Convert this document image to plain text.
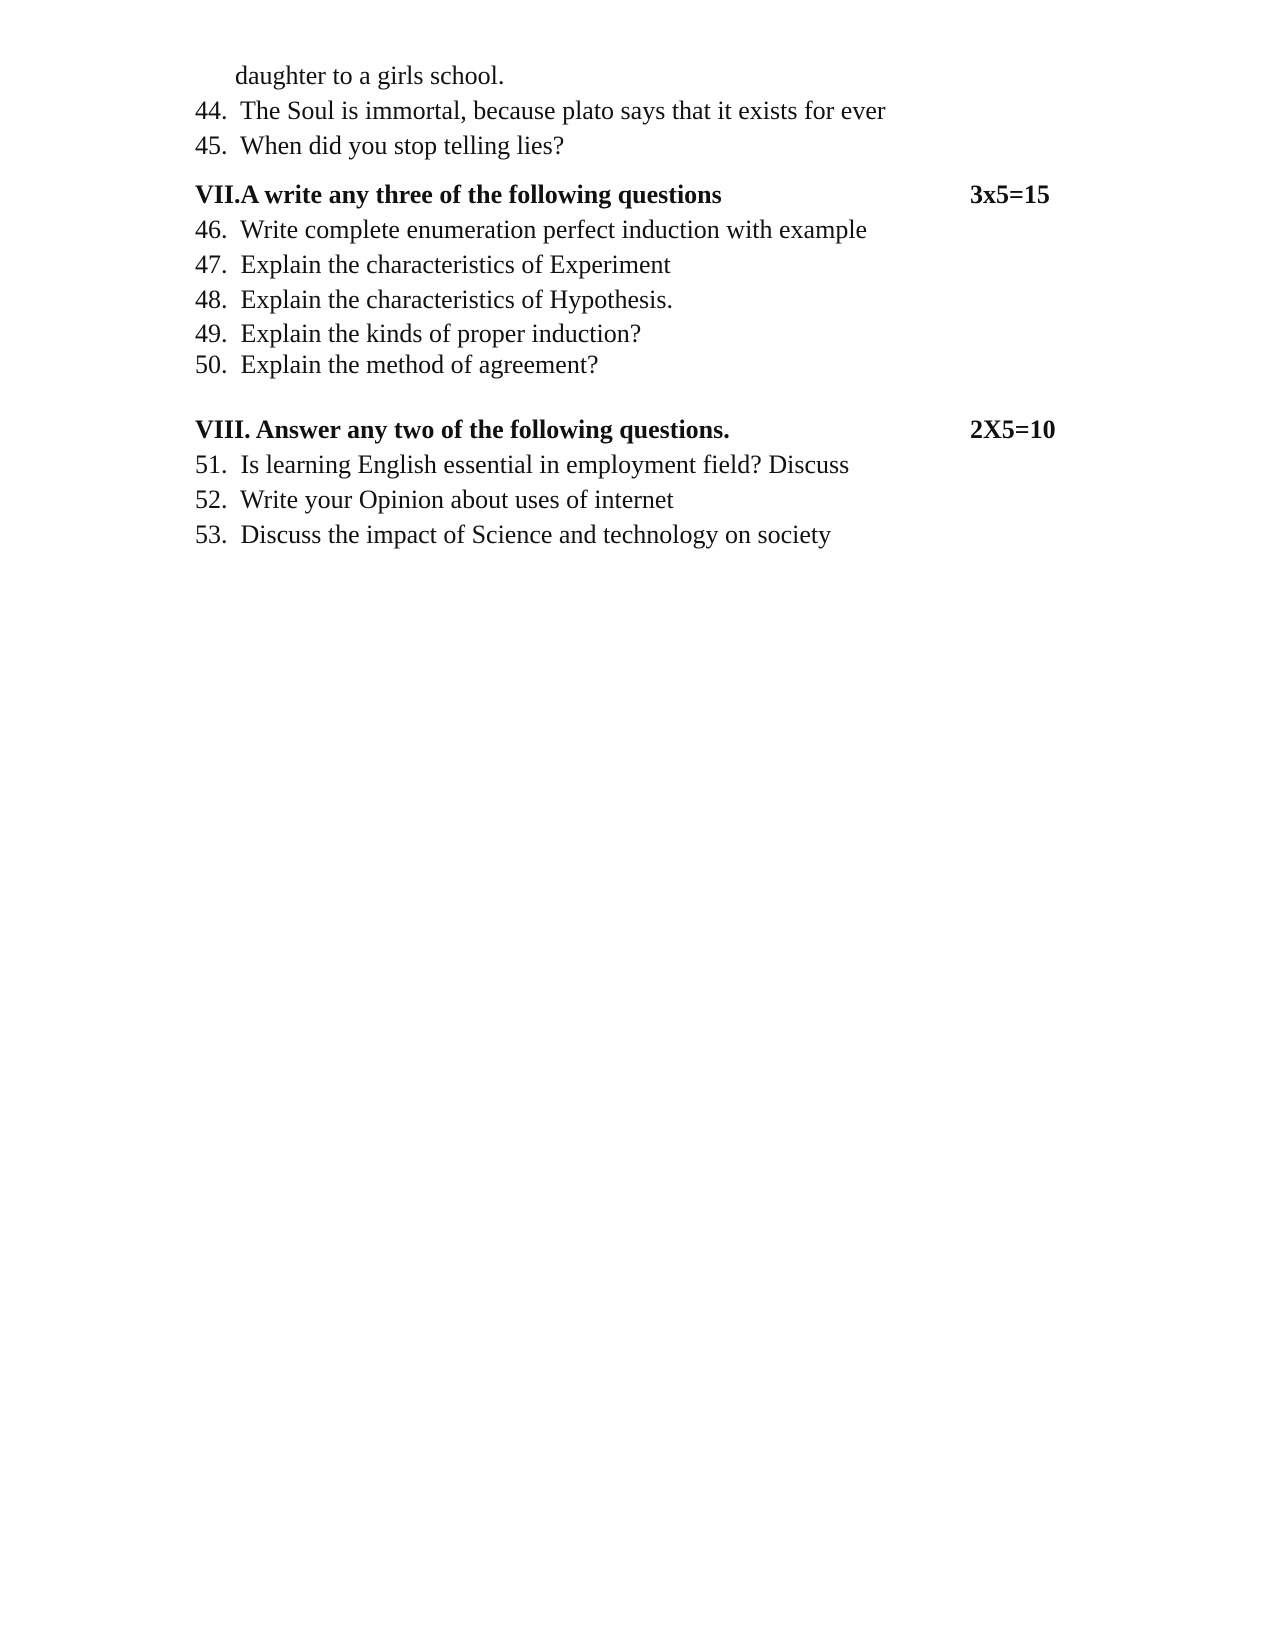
daughter to a girls school.
44.  The Soul is immortal, because plato says that it exists for ever
45.  When did you stop telling lies?
VII.A write any three of the following questions	3x5=15
46.  Write complete enumeration perfect induction with example
47.  Explain the characteristics of Experiment
48.  Explain the characteristics of Hypothesis.
49.  Explain the kinds of proper induction?
50.  Explain the method of agreement?
VIII. Answer any two of the following questions.	2X5=10
51.  Is learning English essential in employment field? Discuss
52.  Write your Opinion about uses of internet
53.  Discuss the impact of Science and technology on society
